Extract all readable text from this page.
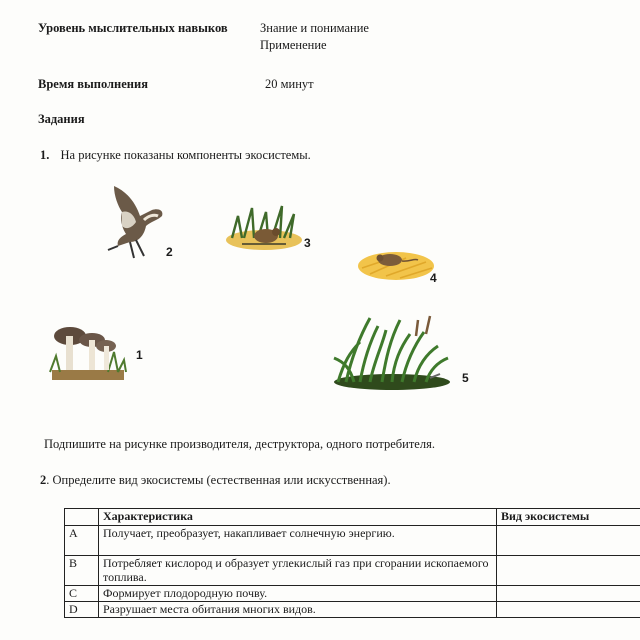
Уровень мыслительных навыков	Знание и понимание
Применение
Время выполнения	20 минут
Задания
1. На рисунке показаны компоненты экосистемы.
2
3
4
1
5
Подпишите на рисунке производителя, деструктора, одного потребителя.
2. Определите вид экосистемы (естественная или искусственная).
	Характеристика	Вид экосистемы
A	Получает, преобразует, накапливает солнечную энергию.	
B	Потребляет кислород и образует углекислый газ при сгорании ископаемого топлива.	
C	Формирует плодородную почву.	
D	Разрушает места обитания многих видов.	
